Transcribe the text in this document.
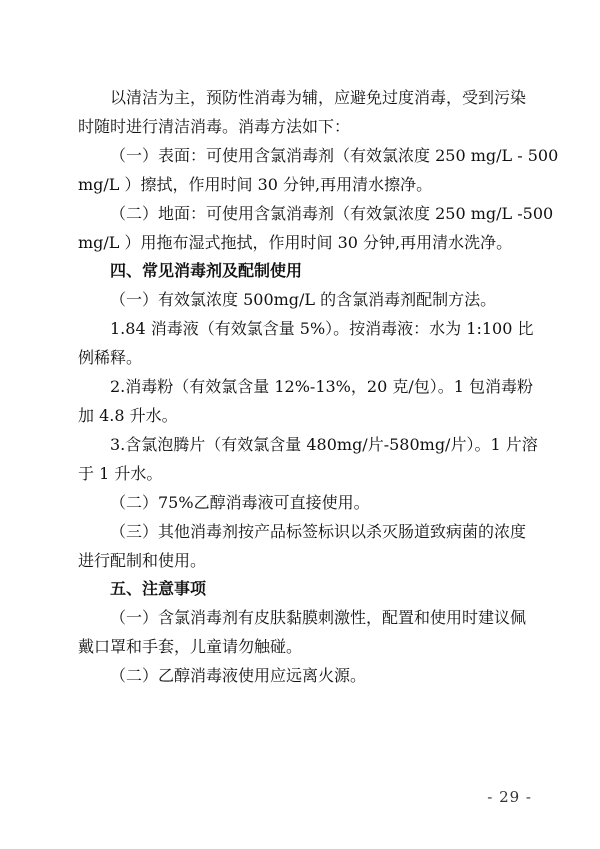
以清洁为主，预防性消毒为辅，应避免过度消毒，受到污染
时随时进行清洁消毒。消毒方法如下：
（一）表面：可使用含氯消毒剂（有效氯浓度 250 mg/L - 500
mg/L ）擦拭，作用时间 30 分钟,再用清水擦净。
（二）地面：可使用含氯消毒剂（有效氯浓度 250 mg/L -500
mg/L ）用拖布湿式拖拭，作用时间 30 分钟,再用清水洗净。
四、常见消毒剂及配制使用
（一）有效氯浓度 500mg/L 的含氯消毒剂配制方法。
1.84 消毒液（有效氯含量 5%）。按消毒液：水为 1:100 比
例稀释。
2.消毒粉（有效氯含量 12%-13%，20 克/包）。1 包消毒粉
加 4.8 升水。
3.含氯泡腾片（有效氯含量 480mg/片-580mg/片）。1 片溶
于 1 升水。
（二）75%乙醇消毒液可直接使用。
（三）其他消毒剂按产品标签标识以杀灭肠道致病菌的浓度
进行配制和使用。
五、注意事项
（一）含氯消毒剂有皮肤黏膜刺激性，配置和使用时建议佩
戴口罩和手套，儿童请勿触碰。
（二）乙醇消毒液使用应远离火源。
- 29 -
